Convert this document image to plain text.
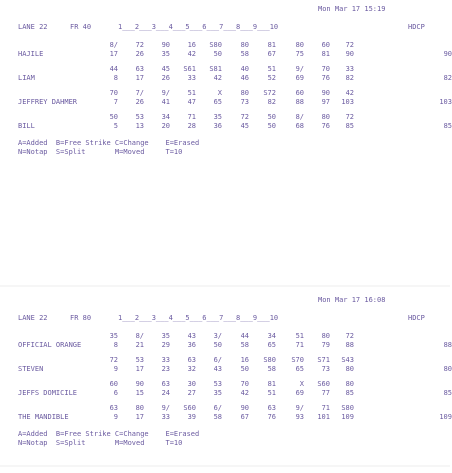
Mon Mar 17 15:19
LANE 22	FR 40	1___2___3___4___5___6___7___8___9___10	HDCP
8/	72	90	16	S80	80	81	80	60	72
HAJILE	17	26	35	42	50	58	67	75	81	90	90
44	63	45	S61	S81	40	51	9/	70	33
LIAM	8	17	26	33	42	46	52	69	76	82	82
70	7/	9/	51	X	80	S72	60	90	42
JEFFREY DAHMER	7	26	41	47	65	73	82	88	97	103	103
50	53	34	71	35	72	50	8/	80	72
BILL	5	13	20	28	36	45	50	68	76	85	85
A=Added  B=Free Strike C=Change    E=Erased
N=Notap  S=Split       M=Moved     T=10
Mon Mar 17 16:08
LANE 22	FR 80	1___2___3___4___5___6___7___8___9___10	HDCP
35	8/	35	43	3/	44	34	51	80	72
OFFICIAL ORANGE	8	21	29	36	50	58	65	71	79	88	88
72	53	33	63	6/	16	S80	S70	S71	S43
STEVEN	9	17	23	32	43	50	58	65	73	80	80
60	90	63	30	53	70	81	X	S60	80
JEFFS DOMICILE	6	15	24	27	35	42	51	69	77	85	85
63	80	9/	S60	6/	90	63	9/	71	S80
THE MANDIBLE	9	17	33	39	58	67	76	93	101	109	109
A=Added  B=Free Strike C=Change    E=Erased
N=Notap  S=Split       M=Moved     T=10
